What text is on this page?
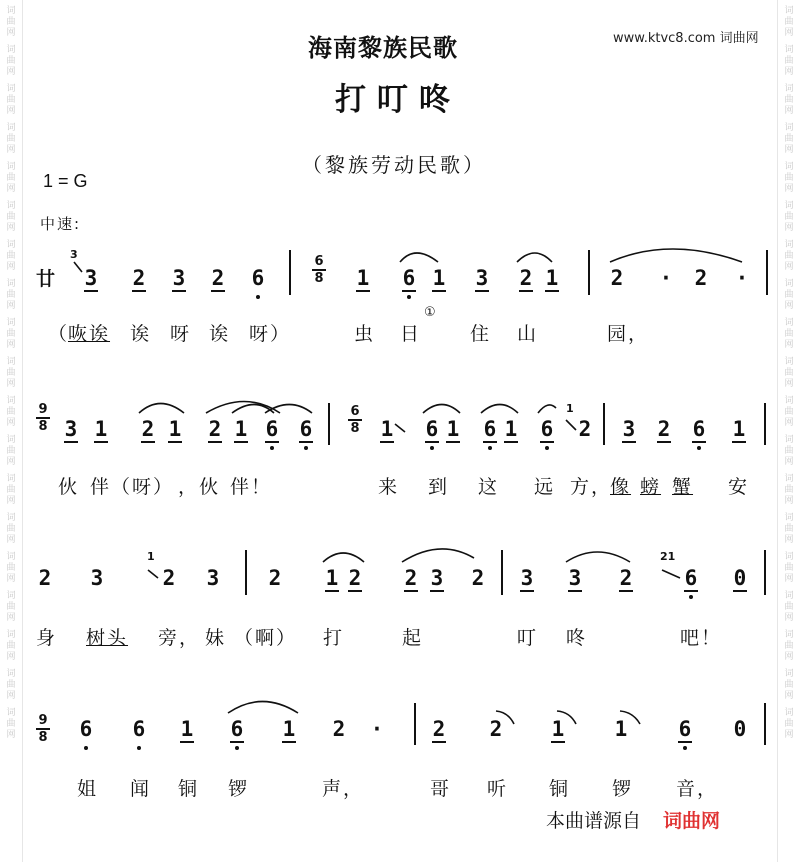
词
曲
网
词
曲
网
词
曲
网
词
曲
网
词
曲
网
词
曲
网
词
曲
网
词
曲
网
词
曲
网
词
曲
网
词
曲
网
词
曲
网
词
曲
网
词
曲
网
词
曲
网
词
曲
网
词
曲
网
词
曲
网
词
曲
网
词
曲
网
词
曲
网
词
曲
网
词
曲
网
词
曲
网
词
曲
网
词
曲
网
词
曲
网
词
曲
网
词
曲
网
词
曲
网
词
曲
网
词
曲
网
词
曲
网
词
曲
网
词
曲
网
词
曲
网
词
曲
网
词
曲
网
海南黎族民歌
打叮咚
（黎族劳动民歌）
www.ktvc8.com 词曲网
1 = G
中速:
廿
3
3 2 3 2 6
6
8 1 6 1 3 2 1 2 · 2 ·
（
咴诶 诶 呀 诶 呀）	虫 日
①
住 山	园，
9
8 3 1 2 1 2 1 6 6
6
8 1 6 1 6 1 6
1
2 3 2 6 1
伙 伴（ 呀） ，伙 伴！	来 到 这 远 方，
像 螃 蟹 安
2 3
1
2 3 2 1 2 2 3 2 3 3 2
21
6 0
身 树头 旁， 妹 （啊） 打	起	叮 咚	吧！
9
8 6 6 1 6 1 2 · 2 2 1 1 6 0
姐 闻 铜 锣	声，	哥 听 铜 锣 音，
本曲谱源自 词曲网
